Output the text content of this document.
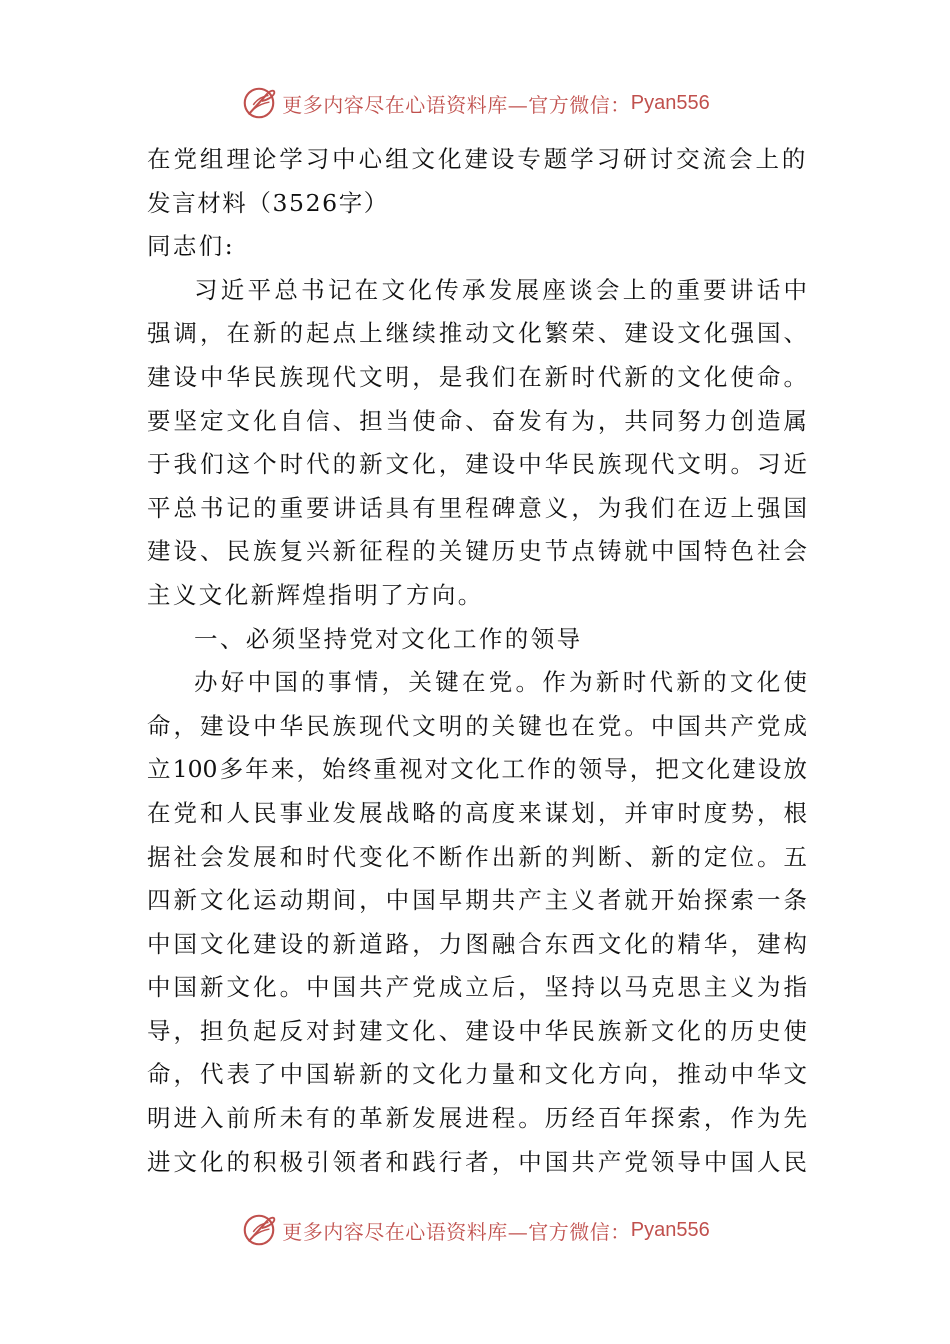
更多内容尽在心语资料库—官方微信： Pyan556
在党组理论学习中心组文化建设专题学习研讨交流会上的
发言材料（3526字）
同志们:
习近平总书记在文化传承发展座谈会上的重要讲话中
强调，在新的起点上继续推动文化繁荣、建设文化强国、
建设中华民族现代文明，是我们在新时代新的文化使命。
要坚定文化自信、担当使命、奋发有为，共同努力创造属
于我们这个时代的新文化，建设中华民族现代文明。习近
平总书记的重要讲话具有里程碑意义，为我们在迈上强国
建设、民族复兴新征程的关键历史节点铸就中国特色社会
主义文化新辉煌指明了方向。
一、必须坚持党对文化工作的领导
办好中国的事情，关键在党。作为新时代新的文化使
命，建设中华民族现代文明的关键也在党。中国共产党成
立100多年来，始终重视对文化工作的领导，把文化建设放
在党和人民事业发展战略的高度来谋划，并审时度势，根
据社会发展和时代变化不断作出新的判断、新的定位。五
四新文化运动期间，中国早期共产主义者就开始探索一条
中国文化建设的新道路，力图融合东西文化的精华，建构
中国新文化。中国共产党成立后，坚持以马克思主义为指
导，担负起反对封建文化、建设中华民族新文化的历史使
命，代表了中国崭新的文化力量和文化方向，推动中华文
明进入前所未有的革新发展进程。历经百年探索，作为先
进文化的积极引领者和践行者，中国共产党领导中国人民
更多内容尽在心语资料库—官方微信： Pyan556
